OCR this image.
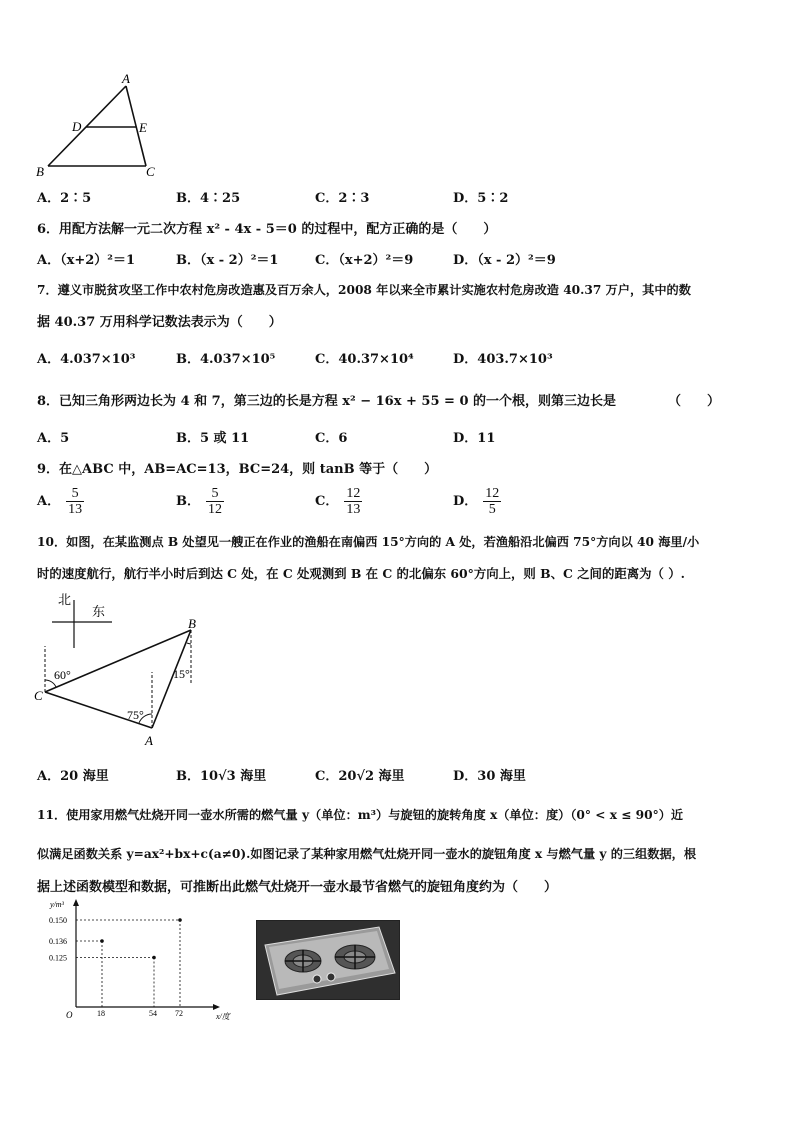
A
D	E
B	C
A．2∶5	B．4∶25	C．2∶3	D．5∶2
6．用配方法解一元二次方程 x² - 4x - 5＝0 的过程中，配方正确的是（　　）
A．（x+2）²＝1	B．（x - 2）²＝1	C．（x+2）²＝9	D．（x - 2）²＝9
7．遵义市脱贫攻坚工作中农村危房改造惠及百万余人，2008 年以来全市累计实施农村危房改造 40.37 万户，其中的数
据 40.37 万用科学记数法表示为（　　）
A．4.037×10³	B．4.037×10⁵	C．40.37×10⁴	D．403.7×10³
8．已知三角形两边长为 4 和 7，第三边的长是方程 x² − 16x + 55 = 0 的一个根，则第三边长是	（　　）
A．5	B．5 或 11	C．6	D．11
9．在△ABC 中，AB=AC=13，BC=24，则 tanB 等于（　　）
A． $\frac{5}{13}$	B． $\frac{5}{12}$	C． $\frac{12}{13}$	D． $\frac{12}{5}$
10．如图，在某监测点 B 处望见一艘正在作业的渔船在南偏西 15°方向的 A 处，若渔船沿北偏西 75°方向以 40 海里/小
时的速度航行，航行半小时后到达 C 处，在 C 处观测到 B 在 C 的北偏东 60°方向上，则 B、C 之间的距离为（ ）.
北
东
C
B
A
60°
75°
15°
A．20 海里	B．10√3 海里	C．20√2 海里	D．30 海里
11．使用家用燃气灶烧开同一壶水所需的燃气量 y（单位：m³）与旋钮的旋转角度 x（单位：度）（0° < x ≤ 90°）近
似满足函数关系 y=ax²+bx+c(a≠0).如图记录了某种家用燃气灶烧开同一壶水的旋钮角度 x 与燃气量 y 的三组数据，根
据上述函数模型和数据，可推断出此燃气灶烧开一壶水最节省燃气的旋钮角度约为（　　）
y/m³
x/度
O	18	54 72
0.150
0.136
0.125
